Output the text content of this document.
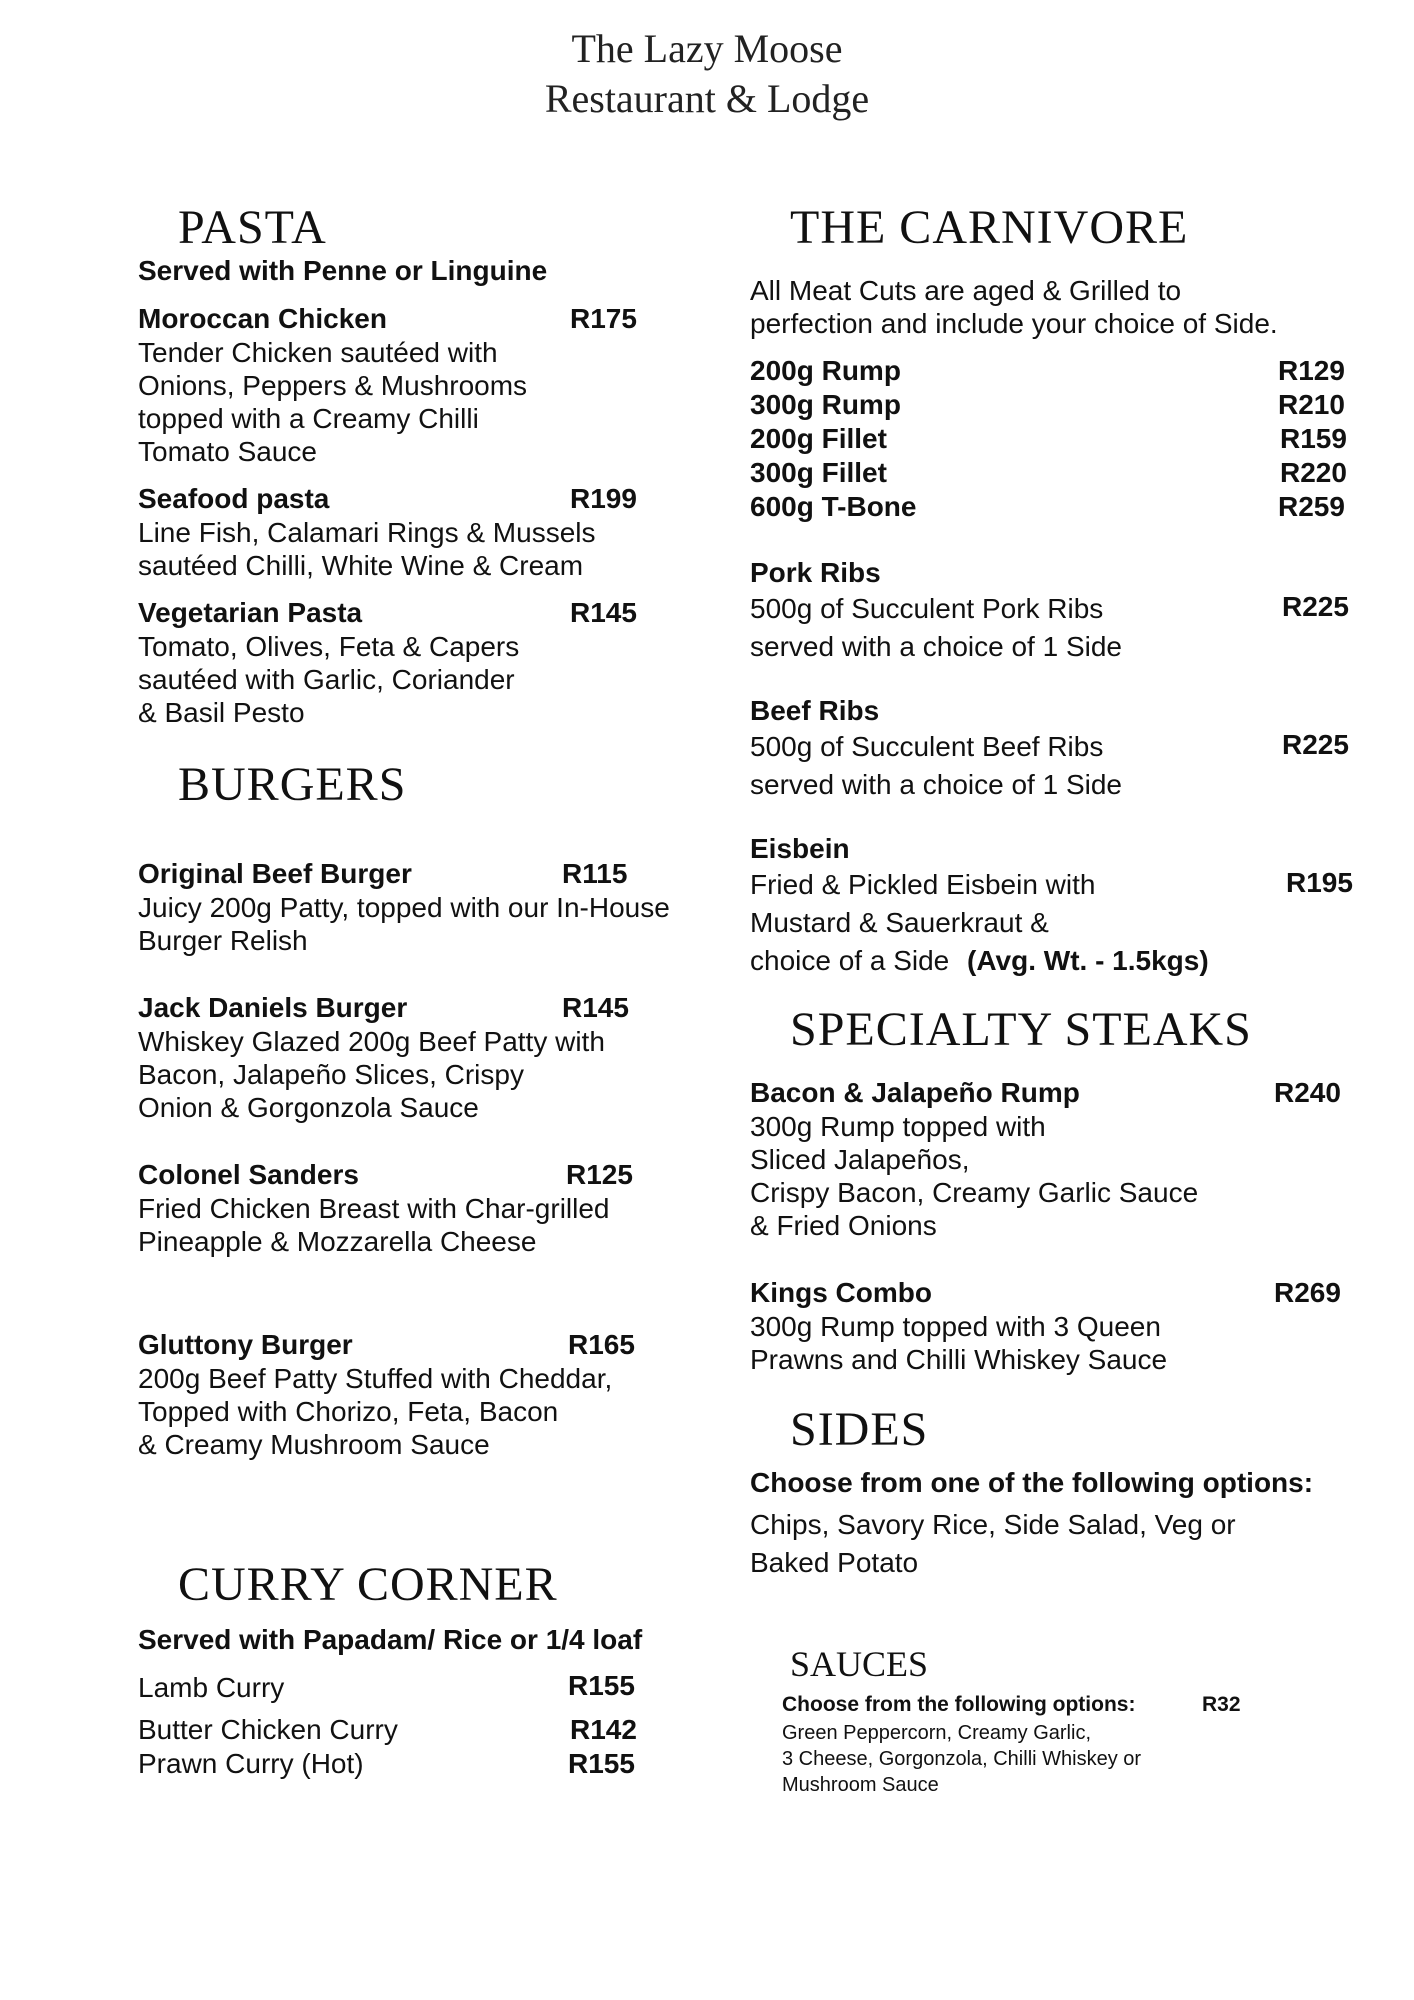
The Lazy Moose
Restaurant & Lodge
PASTA
Served with Penne or Linguine
Moroccan Chicken	R175
Tender Chicken sautéed with
Onions, Peppers & Mushrooms
topped with a Creamy Chilli
Tomato Sauce
Seafood pasta	R199
Line Fish, Calamari Rings & Mussels
sautéed Chilli, White Wine & Cream
Vegetarian Pasta	R145
Tomato, Olives, Feta & Capers
sautéed with Garlic, Coriander
& Basil Pesto
BURGERS
Original Beef Burger	R115
Juicy 200g Patty, topped with our In-House
Burger Relish
Jack Daniels Burger	R145
Whiskey Glazed 200g Beef Patty with
Bacon, Jalapeño Slices, Crispy
Onion & Gorgonzola Sauce
Colonel Sanders	R125
Fried Chicken Breast with Char-grilled
Pineapple & Mozzarella Cheese
Gluttony Burger	R165
200g Beef Patty Stuffed with Cheddar,
Topped with Chorizo, Feta, Bacon
& Creamy Mushroom Sauce
CURRY CORNER
Served with Papadam/ Rice or 1/4 loaf
Lamb Curry	R155
Butter Chicken Curry	R142
Prawn Curry (Hot)	R155
THE CARNIVORE
All Meat Cuts are aged & Grilled to
perfection and include your choice of Side.
200g Rump	R129
300g Rump	R210
200g Fillet	R159
300g Fillet	R220
600g T-Bone	R259
Pork Ribs
500g of Succulent Pork Ribs	R225
served with a choice of 1 Side
Beef Ribs
500g of Succulent Beef Ribs	R225
served with a choice of 1 Side
Eisbein
Fried & Pickled Eisbein with	R195
Mustard & Sauerkraut &
choice of a Side (Avg. Wt. - 1.5kgs)
SPECIALTY STEAKS
Bacon & Jalapeño Rump	R240
300g Rump topped with
Sliced Jalapeños,
Crispy Bacon, Creamy Garlic Sauce
& Fried Onions
Kings Combo	R269
300g Rump topped with 3 Queen
Prawns and Chilli Whiskey Sauce
SIDES
Choose from one of the following options:
Chips, Savory Rice, Side Salad, Veg or
Baked Potato
SAUCES
Choose from the following options:	R32
Green Peppercorn, Creamy Garlic,
3 Cheese, Gorgonzola, Chilli Whiskey or
Mushroom Sauce
